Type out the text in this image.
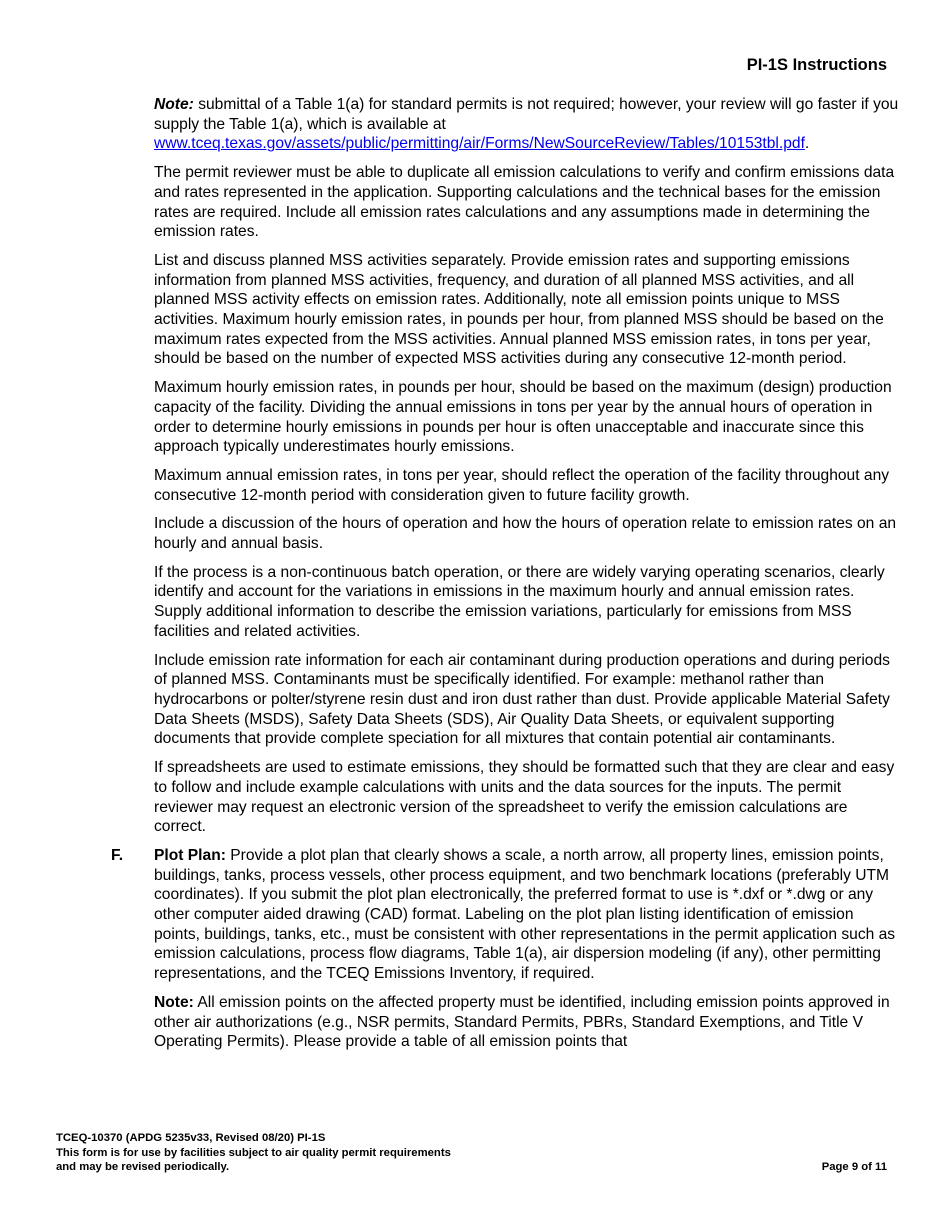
PI-1S Instructions

Note: submittal of a Table 1(a) for standard permits is not required; however, your review will go faster if you supply the Table 1(a), which is available at www.tceq.texas.gov/assets/public/permitting/air/Forms/NewSourceReview/Tables/10153tbl.pdf.

The permit reviewer must be able to duplicate all emission calculations to verify and confirm emissions data and rates represented in the application. Supporting calculations and the technical bases for the emission rates are required. Include all emission rates calculations and any assumptions made in determining the emission rates.

List and discuss planned MSS activities separately. Provide emission rates and supporting emissions information from planned MSS activities, frequency, and duration of all planned MSS activities, and all planned MSS activity effects on emission rates. Additionally, note all emission points unique to MSS activities. Maximum hourly emission rates, in pounds per hour, from planned MSS should be based on the maximum rates expected from the MSS activities. Annual planned MSS emission rates, in tons per year, should be based on the number of expected MSS activities during any consecutive 12-month period.

Maximum hourly emission rates, in pounds per hour, should be based on the maximum (design) production capacity of the facility. Dividing the annual emissions in tons per year by the annual hours of operation in order to determine hourly emissions in pounds per hour is often unacceptable and inaccurate since this approach typically underestimates hourly emissions.

Maximum annual emission rates, in tons per year, should reflect the operation of the facility throughout any consecutive 12-month period with consideration given to future facility growth.

Include a discussion of the hours of operation and how the hours of operation relate to emission rates on an hourly and annual basis.

If the process is a non-continuous batch operation, or there are widely varying operating scenarios, clearly identify and account for the variations in emissions in the maximum hourly and annual emission rates. Supply additional information to describe the emission variations, particularly for emissions from MSS facilities and related activities.

Include emission rate information for each air contaminant during production operations and during periods of planned MSS. Contaminants must be specifically identified. For example: methanol rather than hydrocarbons or polter/styrene resin dust and iron dust rather than dust. Provide applicable Material Safety Data Sheets (MSDS), Safety Data Sheets (SDS), Air Quality Data Sheets, or equivalent supporting documents that provide complete speciation for all mixtures that contain potential air contaminants.

If spreadsheets are used to estimate emissions, they should be formatted such that they are clear and easy to follow and include example calculations with units and the data sources for the inputs. The permit reviewer may request an electronic version of the spreadsheet to verify the emission calculations are correct.

F. Plot Plan: Provide a plot plan that clearly shows a scale, a north arrow, all property lines, emission points, buildings, tanks, process vessels, other process equipment, and two benchmark locations (preferably UTM coordinates). If you submit the plot plan electronically, the preferred format to use is *.dxf or *.dwg or any other computer aided drawing (CAD) format. Labeling on the plot plan listing identification of emission points, buildings, tanks, etc., must be consistent with other representations in the permit application such as emission calculations, process flow diagrams, Table 1(a), air dispersion modeling (if any), other permitting representations, and the TCEQ Emissions Inventory, if required.

Note: All emission points on the affected property must be identified, including emission points approved in other air authorizations (e.g., NSR permits, Standard Permits, PBRs, Standard Exemptions, and Title V Operating Permits). Please provide a table of all emission points that

TCEQ-10370 (APDG 5235v33, Revised 08/20) PI-1S
This form is for use by facilities subject to air quality permit requirements
and may be revised periodically.	Page 9 of 11
